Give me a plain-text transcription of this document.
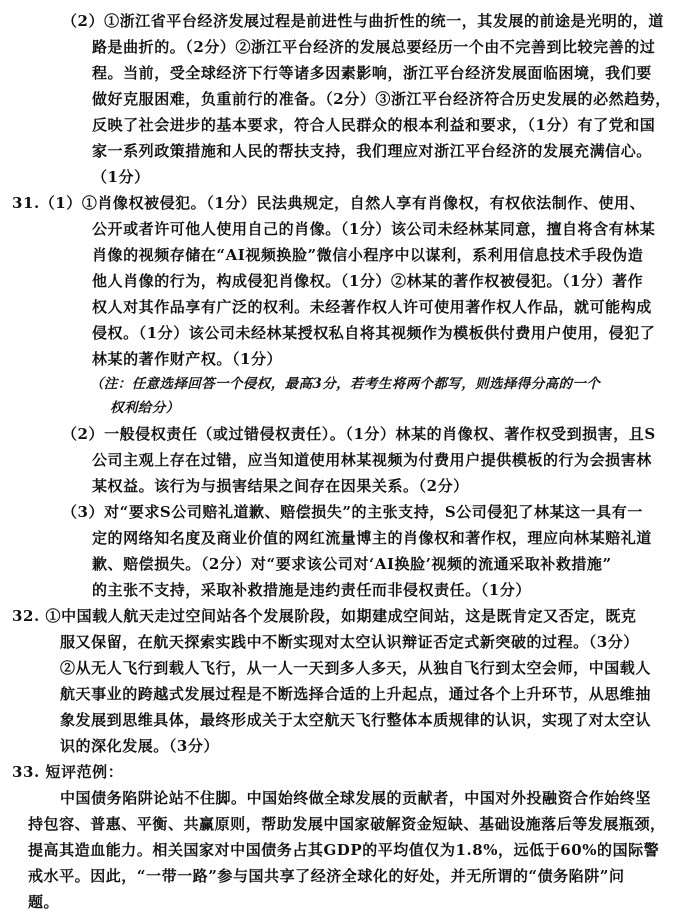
（2）①浙江省平台经济发展过程是前进性与曲折性的统一，其发展的前途是光明的，道
路是曲折的。（2分）②浙江平台经济的发展总要经历一个由不完善到比较完善的过
程。当前，受全球经济下行等诸多因素影响，浙江平台经济发展面临困境，我们要
做好克服困难，负重前行的准备。（2分）③浙江平台经济符合历史发展的必然趋势，
反映了社会进步的基本要求，符合人民群众的根本利益和要求，（1分）有了党和国
家一系列政策措施和人民的帮扶支持，我们理应对浙江平台经济的发展充满信心。
（1分）
31.（1）①肖像权被侵犯。（1分）民法典规定，自然人享有肖像权，有权依法制作、使用、
公开或者许可他人使用自己的肖像。（1分）该公司未经林某同意，擅自将含有林某
肖像的视频存储在“AI视频换脸”微信小程序中以谋利，系利用信息技术手段伪造
他人肖像的行为，构成侵犯肖像权。（1分）②林某的著作权被侵犯。（1分）著作
权人对其作品享有广泛的权利。未经著作权人许可使用著作权人作品，就可能构成
侵权。（1分）该公司未经林某授权私自将其视频作为模板供付费用户使用，侵犯了
林某的著作财产权。（1分）
（注：任意选择回答一个侵权，最高3分，若考生将两个都写，则选择得分高的一个
权利给分）
（2）一般侵权责任（或过错侵权责任）。（1分）林某的肖像权、著作权受到损害，且S
公司主观上存在过错，应当知道使用林某视频为付费用户提供模板的行为会损害林
某权益。该行为与损害结果之间存在因果关系。（2分）
（3）对“要求S公司赔礼道歉、赔偿损失”的主张支持，S公司侵犯了林某这一具有一
定的网络知名度及商业价值的网红流量博主的肖像权和著作权，理应向林某赔礼道
歉、赔偿损失。（2分）对“要求该公司对‘AI换脸’视频的流通采取补救措施”
的主张不支持，采取补救措施是违约责任而非侵权责任。（1分）
32. ①中国载人航天走过空间站各个发展阶段，如期建成空间站，这是既肯定又否定，既克
服又保留，在航天探索实践中不断实现对太空认识辩证否定式新突破的过程。（3分）
②从无人飞行到载人飞行，从一人一天到多人多天，从独自飞行到太空会师，中国载人
航天事业的跨越式发展过程是不断选择合适的上升起点，通过各个上升环节，从思维抽
象发展到思维具体，最终形成关于太空航天飞行整体本质规律的认识，实现了对太空认
识的深化发展。（3分）
33. 短评范例：
中国债务陷阱论站不住脚。中国始终做全球发展的贡献者，中国对外投融资合作始终坚
持包容、普惠、平衡、共赢原则，帮助发展中国家破解资金短缺、基础设施落后等发展瓶颈，
提高其造血能力。相关国家对中国债务占其GDP的平均值仅为1.8%，远低于60%的国际警
戒水平。因此，“一带一路”参与国共享了经济全球化的好处，并无所谓的“债务陷阱”问
题。
